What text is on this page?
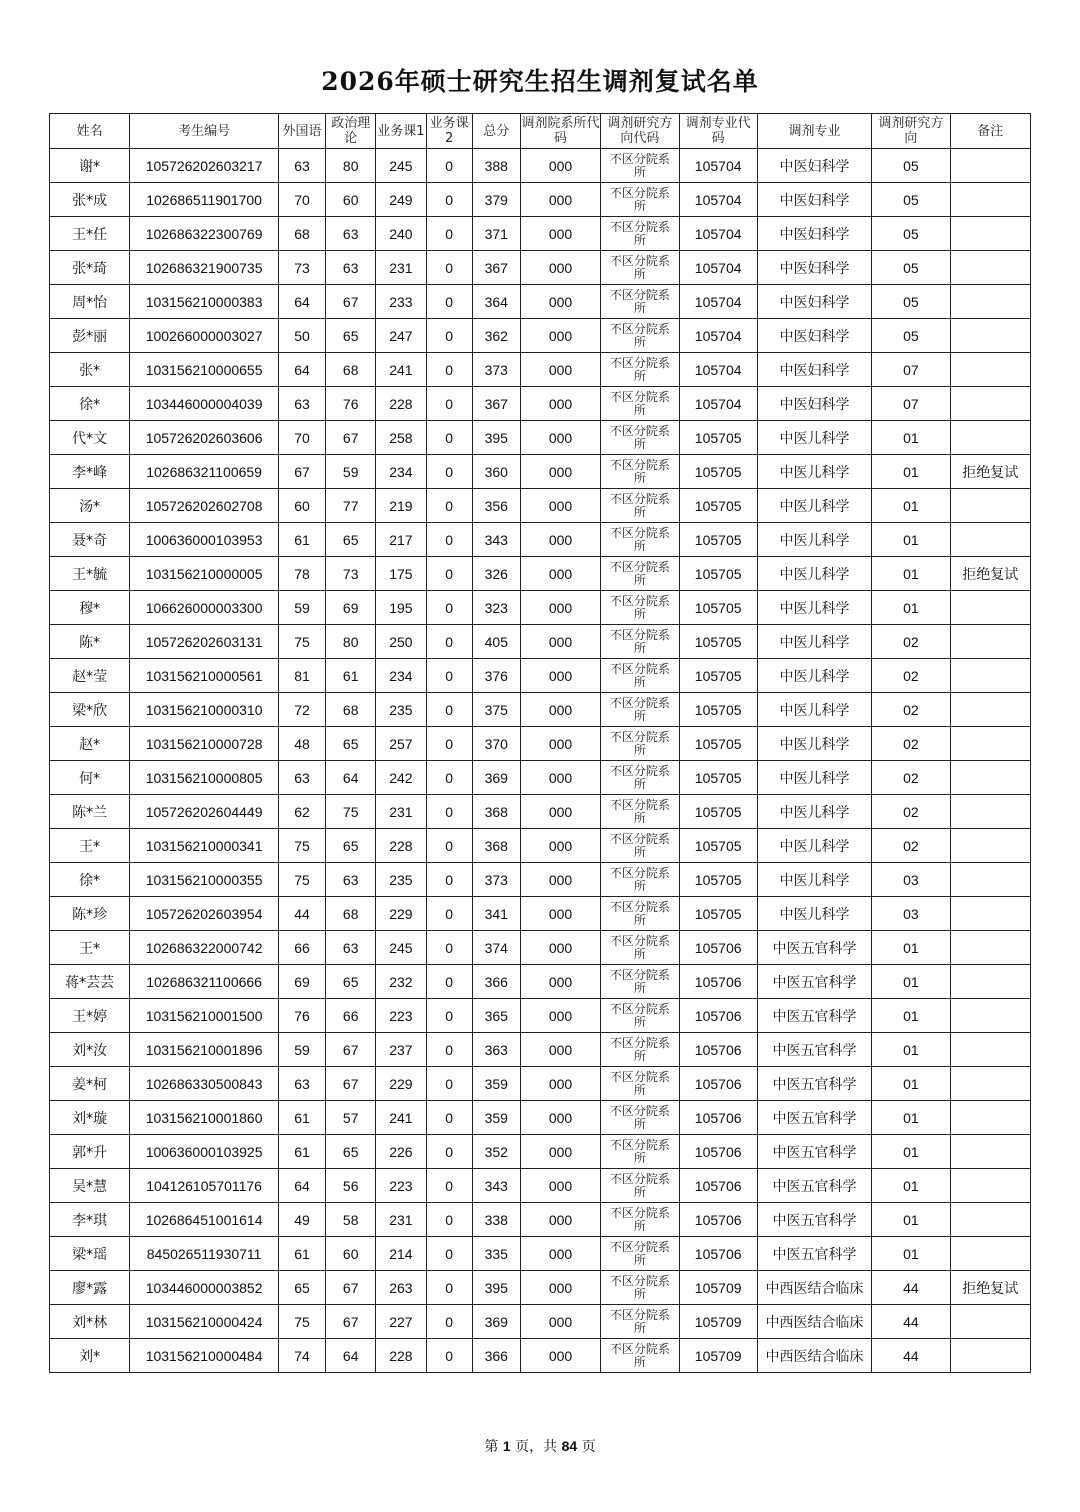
2026年硕士研究生招生调剂复试名单
姓名	考生编号	外国语	政治理论	业务课1	业务课2	总分	调剂院系所代码	调剂研究方向代码	调剂专业代码	调剂专业	调剂研究方向	备注
谢*	105726202603217	63	80	245	0	388	000	不区分院系所	105704	中医妇科学	05	
张*成	102686511901700	70	60	249	0	379	000	不区分院系所	105704	中医妇科学	05	
王*任	102686322300769	68	63	240	0	371	000	不区分院系所	105704	中医妇科学	05	
张*琦	102686321900735	73	63	231	0	367	000	不区分院系所	105704	中医妇科学	05	
周*怡	103156210000383	64	67	233	0	364	000	不区分院系所	105704	中医妇科学	05	
彭*丽	100266000003027	50	65	247	0	362	000	不区分院系所	105704	中医妇科学	05	
张*	103156210000655	64	68	241	0	373	000	不区分院系所	105704	中医妇科学	07	
徐*	103446000004039	63	76	228	0	367	000	不区分院系所	105704	中医妇科学	07	
代*文	105726202603606	70	67	258	0	395	000	不区分院系所	105705	中医儿科学	01	
李*峰	102686321100659	67	59	234	0	360	000	不区分院系所	105705	中医儿科学	01	拒绝复试
汤*	105726202602708	60	77	219	0	356	000	不区分院系所	105705	中医儿科学	01	
聂*奇	100636000103953	61	65	217	0	343	000	不区分院系所	105705	中医儿科学	01	
王*毓	103156210000005	78	73	175	0	326	000	不区分院系所	105705	中医儿科学	01	拒绝复试
穆*	106626000003300	59	69	195	0	323	000	不区分院系所	105705	中医儿科学	01	
陈*	105726202603131	75	80	250	0	405	000	不区分院系所	105705	中医儿科学	02	
赵*莹	103156210000561	81	61	234	0	376	000	不区分院系所	105705	中医儿科学	02	
梁*欣	103156210000310	72	68	235	0	375	000	不区分院系所	105705	中医儿科学	02	
赵*	103156210000728	48	65	257	0	370	000	不区分院系所	105705	中医儿科学	02	
何*	103156210000805	63	64	242	0	369	000	不区分院系所	105705	中医儿科学	02	
陈*兰	105726202604449	62	75	231	0	368	000	不区分院系所	105705	中医儿科学	02	
王*	103156210000341	75	65	228	0	368	000	不区分院系所	105705	中医儿科学	02	
徐*	103156210000355	75	63	235	0	373	000	不区分院系所	105705	中医儿科学	03	
陈*珍	105726202603954	44	68	229	0	341	000	不区分院系所	105705	中医儿科学	03	
王*	102686322000742	66	63	245	0	374	000	不区分院系所	105706	中医五官科学	01	
蒋*芸芸	102686321100666	69	65	232	0	366	000	不区分院系所	105706	中医五官科学	01	
王*婷	103156210001500	76	66	223	0	365	000	不区分院系所	105706	中医五官科学	01	
刘*汝	103156210001896	59	67	237	0	363	000	不区分院系所	105706	中医五官科学	01	
姜*柯	102686330500843	63	67	229	0	359	000	不区分院系所	105706	中医五官科学	01	
刘*璇	103156210001860	61	57	241	0	359	000	不区分院系所	105706	中医五官科学	01	
郭*升	100636000103925	61	65	226	0	352	000	不区分院系所	105706	中医五官科学	01	
吴*慧	104126105701176	64	56	223	0	343	000	不区分院系所	105706	中医五官科学	01	
李*琪	102686451001614	49	58	231	0	338	000	不区分院系所	105706	中医五官科学	01	
梁*瑶	845026511930711	61	60	214	0	335	000	不区分院系所	105706	中医五官科学	01	
廖*露	103446000003852	65	67	263	0	395	000	不区分院系所	105709	中西医结合临床	44	拒绝复试
刘*林	103156210000424	75	67	227	0	369	000	不区分院系所	105709	中西医结合临床	44	
刘*	103156210000484	74	64	228	0	366	000	不区分院系所	105709	中西医结合临床	44	
第 1 页，共 84 页
